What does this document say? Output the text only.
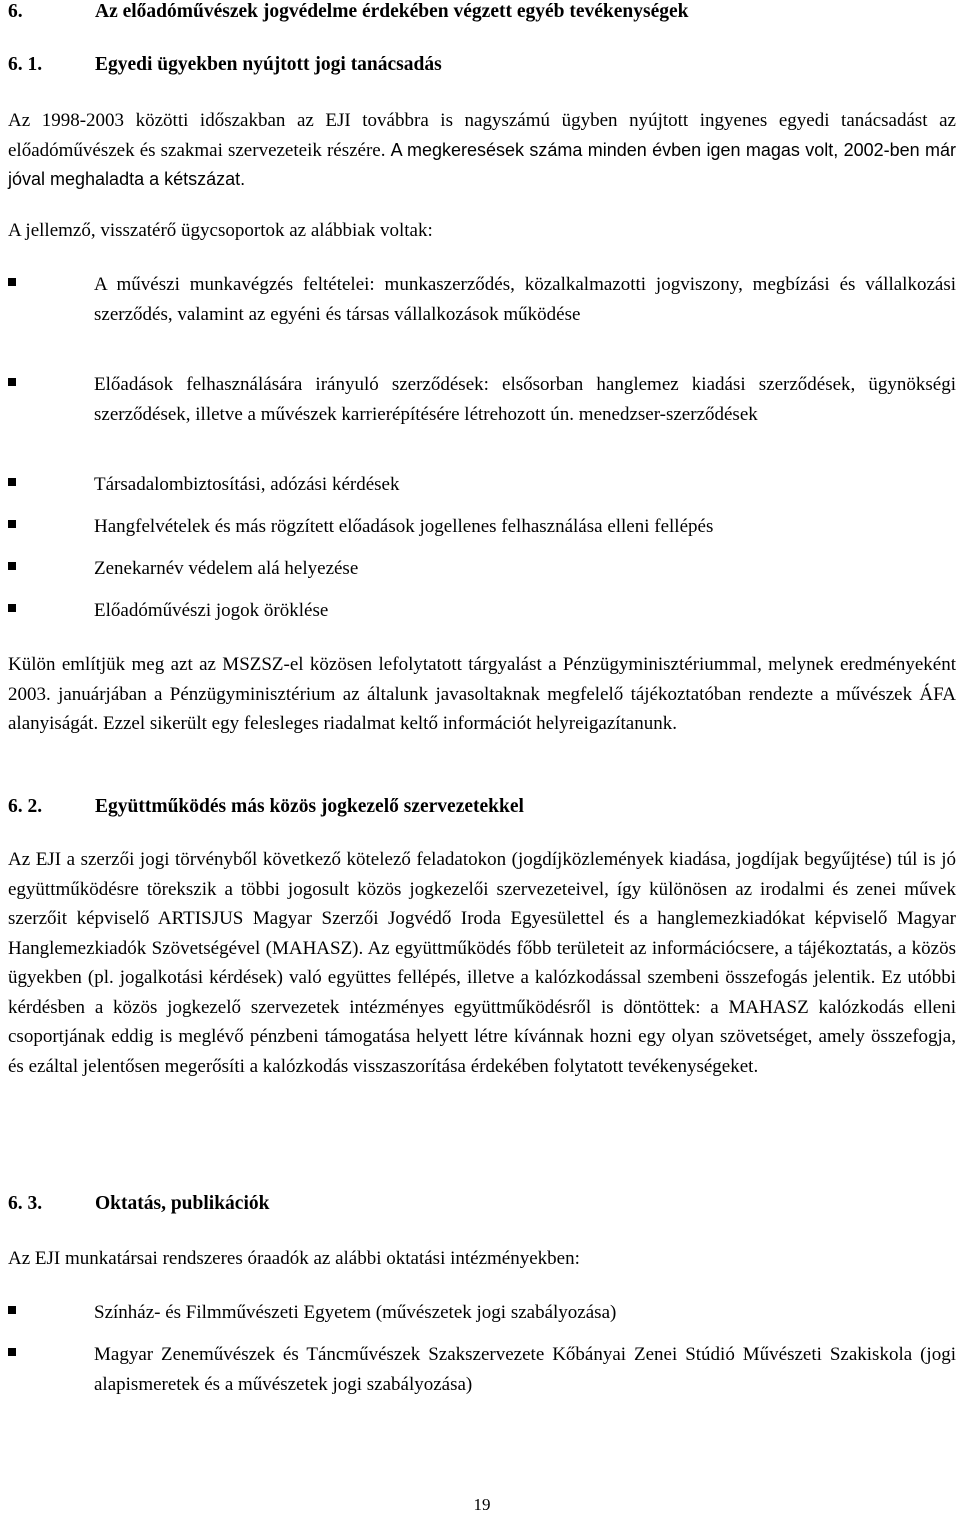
6.	Az előadóművészek jogvédelme érdekében végzett egyéb tevékenységek
6. 1.	Egyedi ügyekben nyújtott jogi tanácsadás
Az 1998-2003 közötti időszakban az EJI továbbra is nagyszámú ügyben nyújtott ingyenes egyedi tanácsadást az előadóművészek és szakmai szervezeteik részére. A megkeresések száma minden évben igen magas volt, 2002-ben már jóval meghaladta a kétszázat.
A jellemző, visszatérő ügycsoportok az alábbiak voltak:
A művészi munkavégzés feltételei: munkaszerződés, közalkalmazotti jogviszony, megbízási és vállalkozási szerződés, valamint az egyéni és társas vállalkozások működése
Előadások felhasználására irányuló szerződések: elsősorban hanglemez kiadási szerződések, ügynökségi szerződések, illetve a művészek karrierépítésére létrehozott ún. menedzser-szerződések
Társadalombiztosítási, adózási kérdések
Hangfelvételek és más rögzített előadások jogellenes felhasználása elleni fellépés
Zenekarnév védelem alá helyezése
Előadóművészi jogok öröklése
Külön említjük meg azt az MSZSZ-el közösen lefolytatott tárgyalást a Pénzügyminisztériummal, melynek eredményeként 2003. januárjában a Pénzügyminisztérium az általunk javasoltaknak megfelelő tájékoztatóban rendezte a művészek ÁFA alanyiságát. Ezzel sikerült egy felesleges riadalmat keltő információt helyreigazítanunk.
6. 2.	Együttműködés más közös jogkezelő szervezetekkel
Az EJI a szerzői jogi törvényből következő kötelező feladatokon (jogdíjközlemények kiadása, jogdíjak begyűjtése) túl is jó együttműködésre törekszik a többi jogosult közös jogkezelői szervezeteivel, így különösen az irodalmi és zenei művek szerzőit képviselő ARTISJUS Magyar Szerzői Jogvédő Iroda Egyesülettel és a hanglemezkiadókat képviselő Magyar Hanglemezkiadók Szövetségével (MAHASZ). Az együttműködés főbb területeit az információcsere, a tájékoztatás, a közös ügyekben (pl. jogalkotási kérdések) való együttes fellépés, illetve a kalózkodással szembeni összefogás jelentik. Ez utóbbi kérdésben a közös jogkezelő szervezetek intézményes együttműködésről is döntöttek: a MAHASZ kalózkodás elleni csoportjának eddig is meglévő pénzbeni támogatása helyett létre kívánnak hozni egy olyan szövetséget, amely összefogja, és ezáltal jelentősen megerősíti a kalózkodás visszaszorítása érdekében folytatott tevékenységeket.
6. 3.	Oktatás, publikációk
Az EJI munkatársai rendszeres óraadók az alábbi oktatási intézményekben:
Színház- és Filmművészeti Egyetem (művészetek jogi szabályozása)
Magyar Zeneművészek és Táncművészek Szakszervezete Kőbányai Zenei Stúdió Művészeti Szakiskola (jogi alapismeretek és a művészetek jogi szabályozása)
19
